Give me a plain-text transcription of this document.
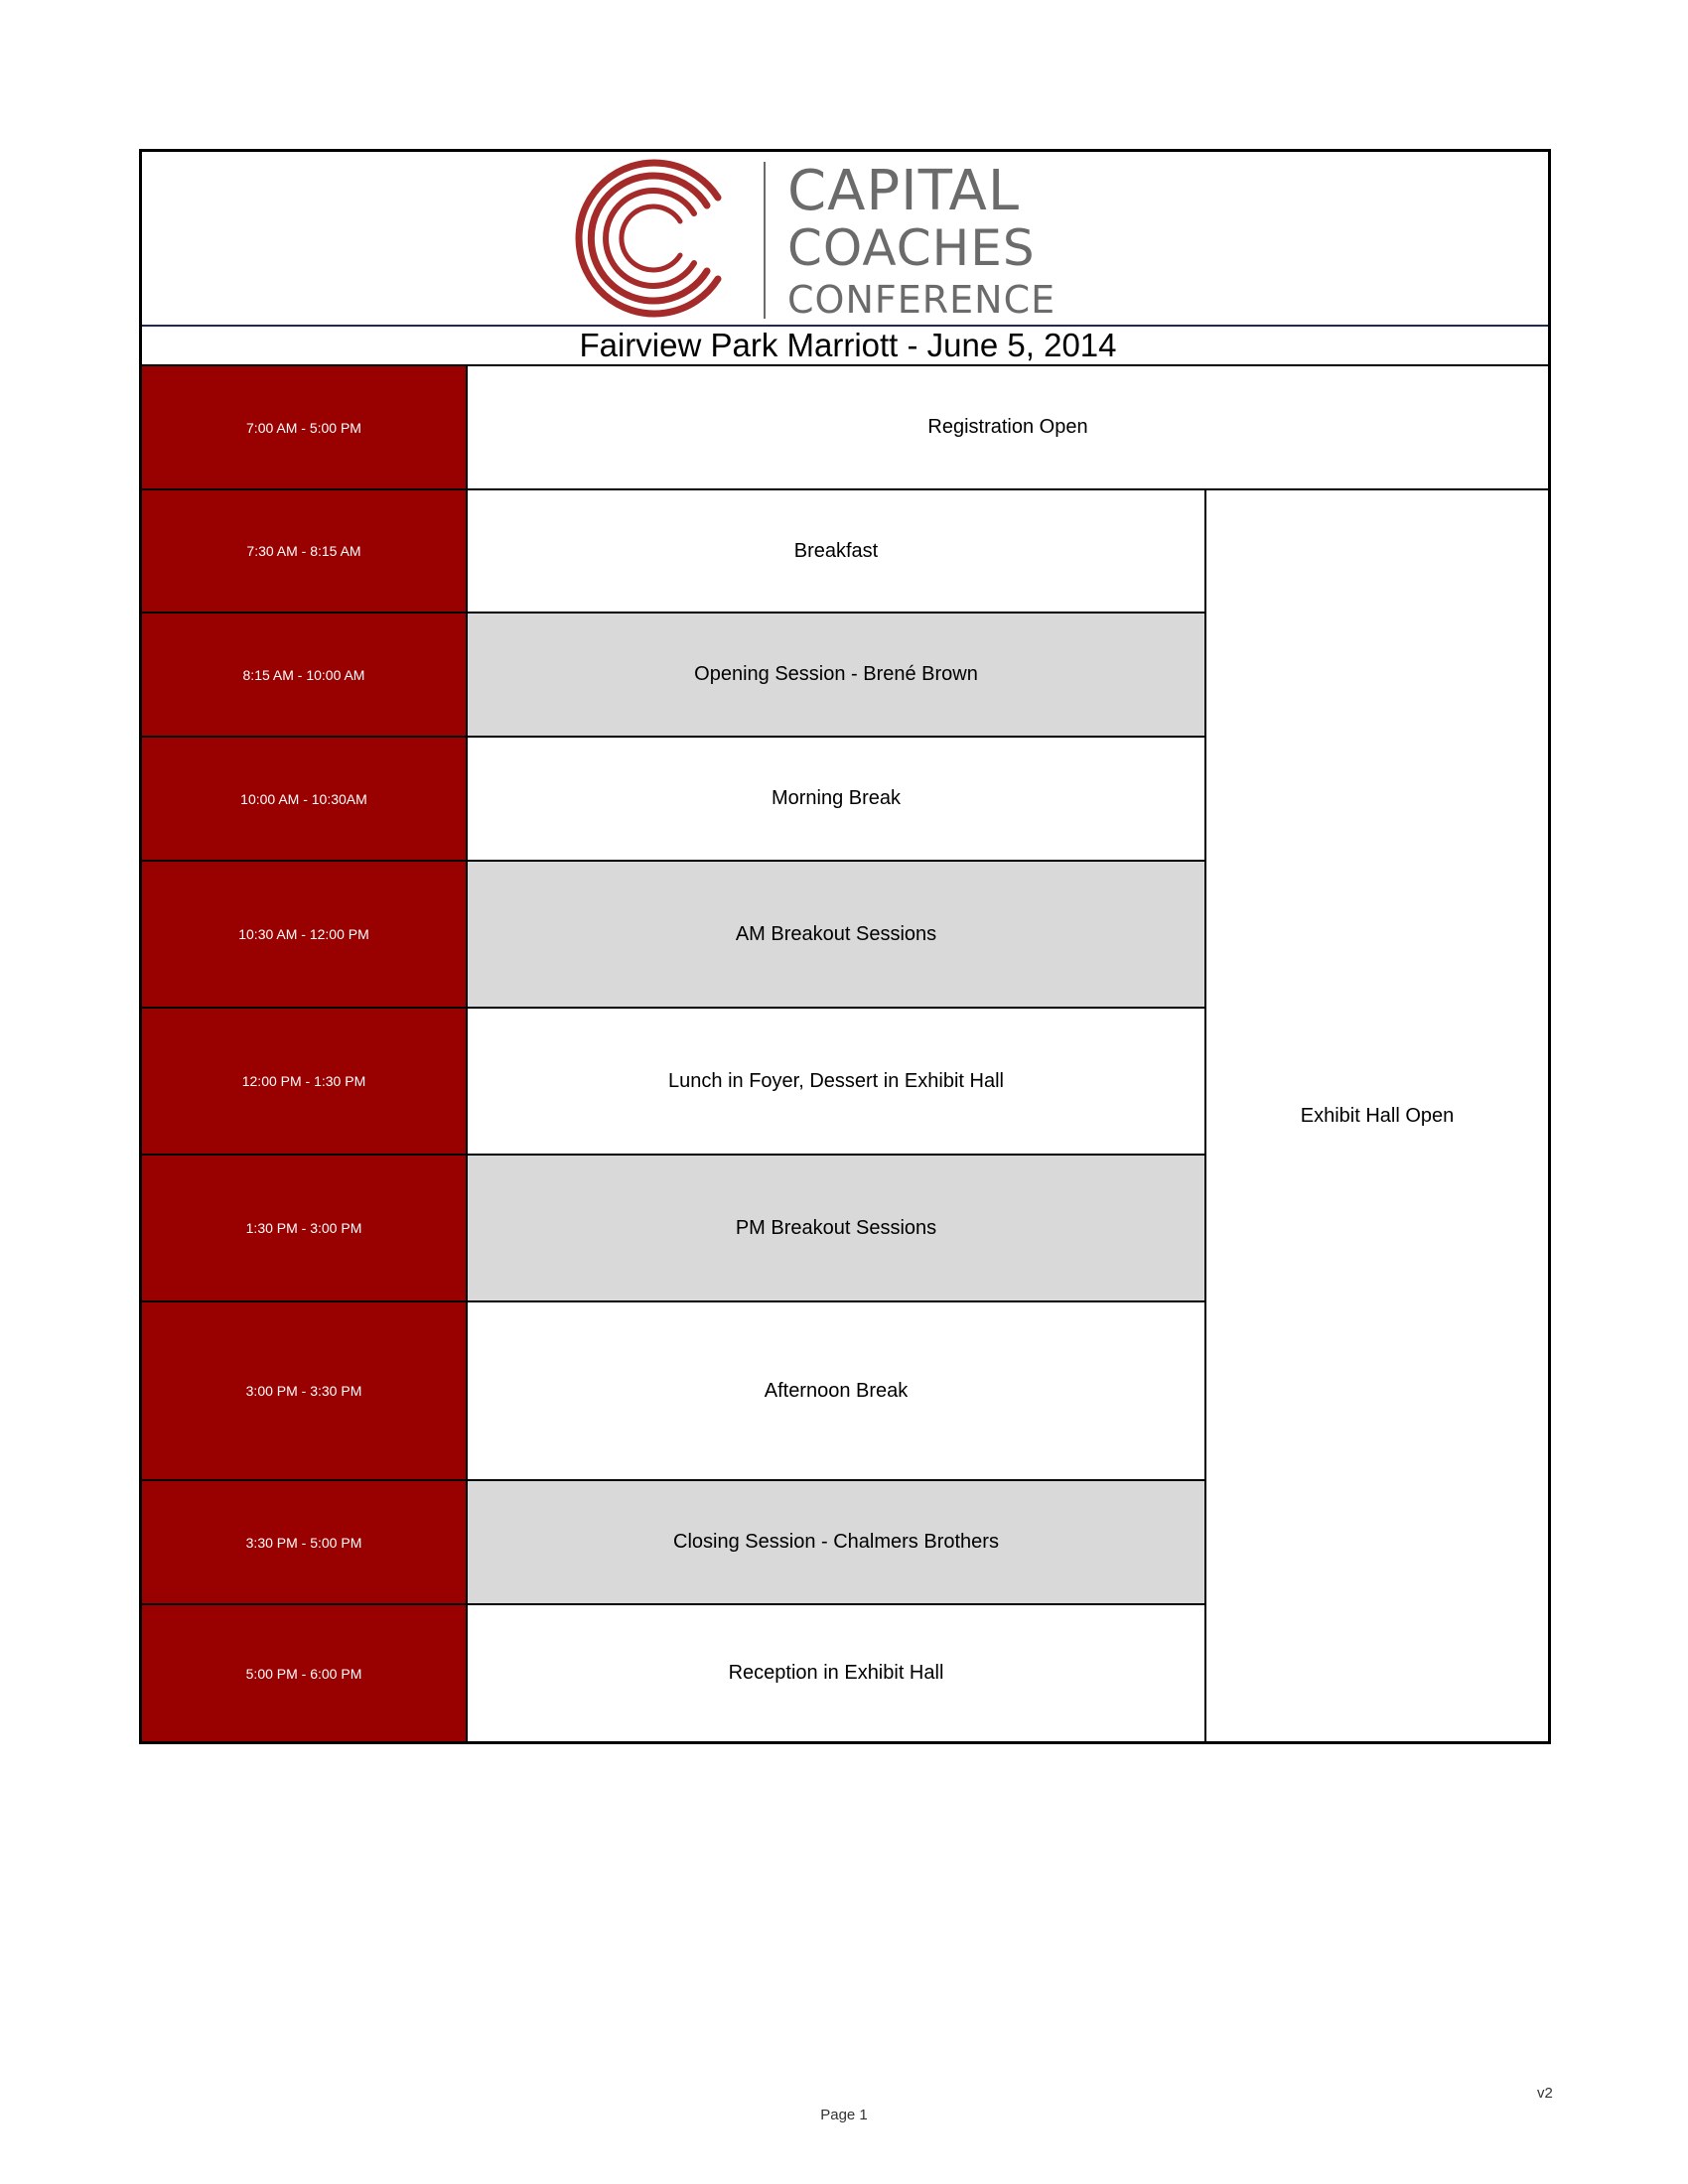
CAPITAL
COACHES
CONFERENCE
Fairview Park Marriott - June 5, 2014
7:00 AM - 5:00 PM	Registration Open
7:30 AM - 8:15 AM	Breakfast
8:15 AM - 10:00 AM	Opening Session - Brené Brown
10:00 AM - 10:30AM	Morning Break
10:30 AM - 12:00 PM	AM Breakout Sessions
12:00 PM - 1:30 PM	Lunch in Foyer, Dessert in Exhibit Hall
1:30 PM - 3:00 PM	PM Breakout Sessions
3:00 PM - 3:30 PM	Afternoon Break
3:30 PM - 5:00 PM	Closing Session - Chalmers Brothers
5:00 PM - 6:00 PM	Reception in Exhibit Hall
Exhibit Hall Open
Page 1
v2
